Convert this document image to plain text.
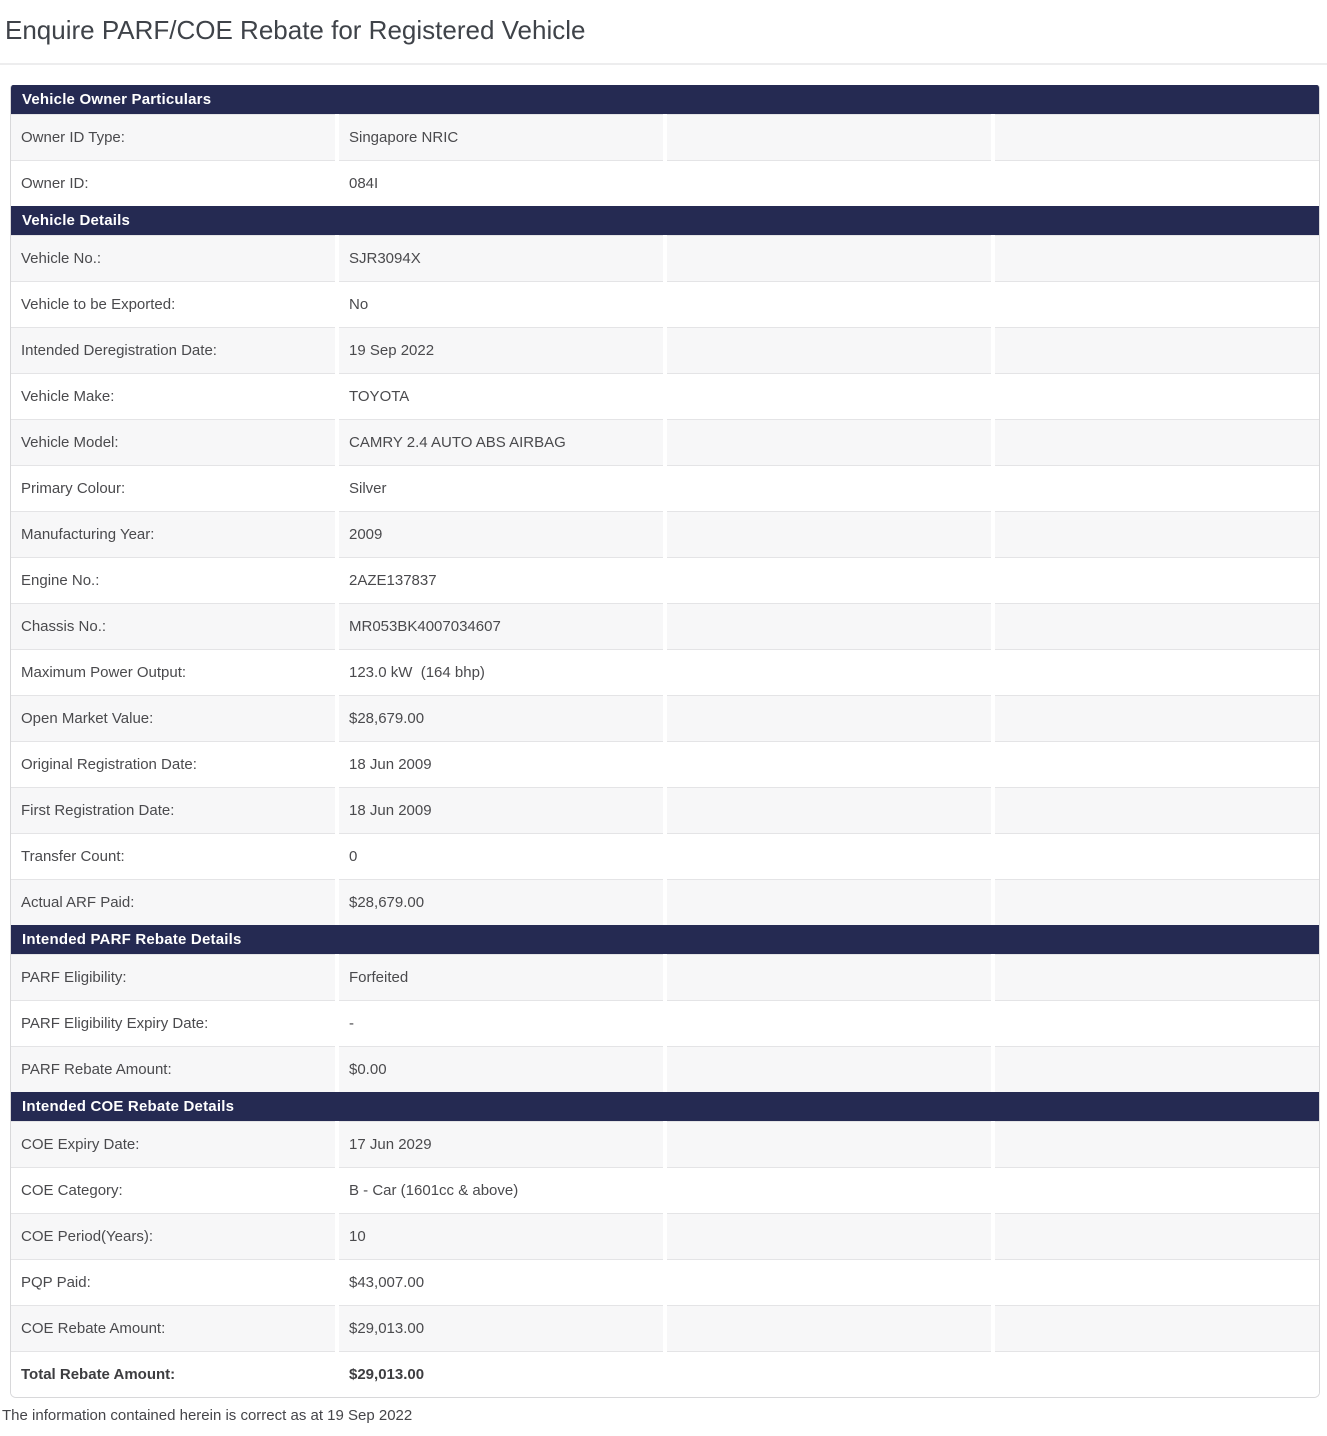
Enquire PARF/COE Rebate for Registered Vehicle
Vehicle Owner Particulars
Owner ID Type:	Singapore NRIC
Owner ID:	084I
Vehicle Details
Vehicle No.:	SJR3094X
Vehicle to be Exported:	No
Intended Deregistration Date:	19 Sep 2022
Vehicle Make:	TOYOTA
Vehicle Model:	CAMRY 2.4 AUTO ABS AIRBAG
Primary Colour:	Silver
Manufacturing Year:	2009
Engine No.:	2AZE137837
Chassis No.:	MR053BK4007034607
Maximum Power Output:	123.0 kW  (164 bhp)
Open Market Value:	$28,679.00
Original Registration Date:	18 Jun 2009
First Registration Date:	18 Jun 2009
Transfer Count:	0
Actual ARF Paid:	$28,679.00
Intended PARF Rebate Details
PARF Eligibility:	Forfeited
PARF Eligibility Expiry Date:	-
PARF Rebate Amount:	$0.00
Intended COE Rebate Details
COE Expiry Date:	17 Jun 2029
COE Category:	B - Car (1601cc & above)
COE Period(Years):	10
PQP Paid:	$43,007.00
COE Rebate Amount:	$29,013.00
Total Rebate Amount:	$29,013.00
The information contained herein is correct as at 19 Sep 2022
